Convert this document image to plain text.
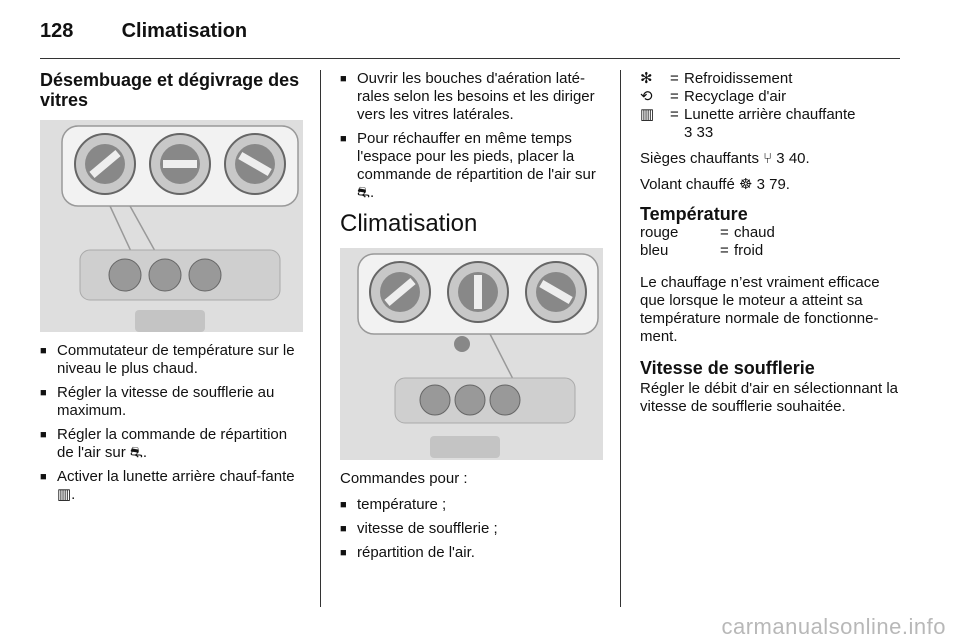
128 Climatisation
Désembuage et dégivrage des vitres
■ Commutateur de température sur le niveau le plus chaud.
■ Régler la vitesse de soufflerie au maximum.
■ Régler la commande de répartition de l'air sur ⛐.
■ Activer la lunette arrière chauf-fante ▥.
■ Ouvrir les bouches d'aération laté-rales selon les besoins et les diriger vers les vitres latérales.
■ Pour réchauffer en même temps l'espace pour les pieds, placer la commande de répartition de l'air sur ⛐.
Climatisation

Commandes pour :

■ température ;
■ vitesse de soufflerie ;
■ répartition de l'air.
✻	=	Refroidissement
⟲	=	Recyclage d'air
▥	=	Lunette arrière chauffante
3 33

Sièges chauffants ⑂ 3 40.

Volant chauffé ☸ 3 79.

Température
rouge	=	chaud
bleu	=	froid

Le chauffage n’est vraiment efficace que lorsque le moteur a atteint sa température normale de fonctionne-ment.

Vitesse de soufflerie

Régler le débit d'air en sélectionnant la vitesse de soufflerie souhaitée.

carmanualsonline.info
